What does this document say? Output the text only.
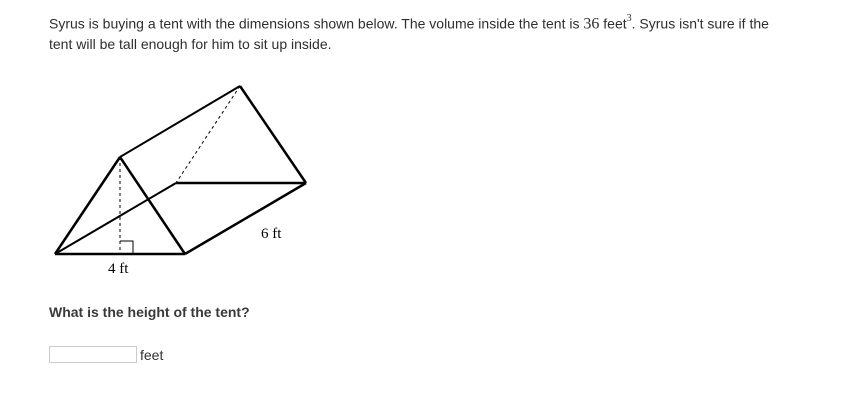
Syrus is buying a tent with the dimensions shown below. The volume inside the tent is 36 feet$^3$. Syrus isn't sure if the tent will be tall enough for him to sit up inside.
4 ft
6 ft
What is the height of the tent?
feet
